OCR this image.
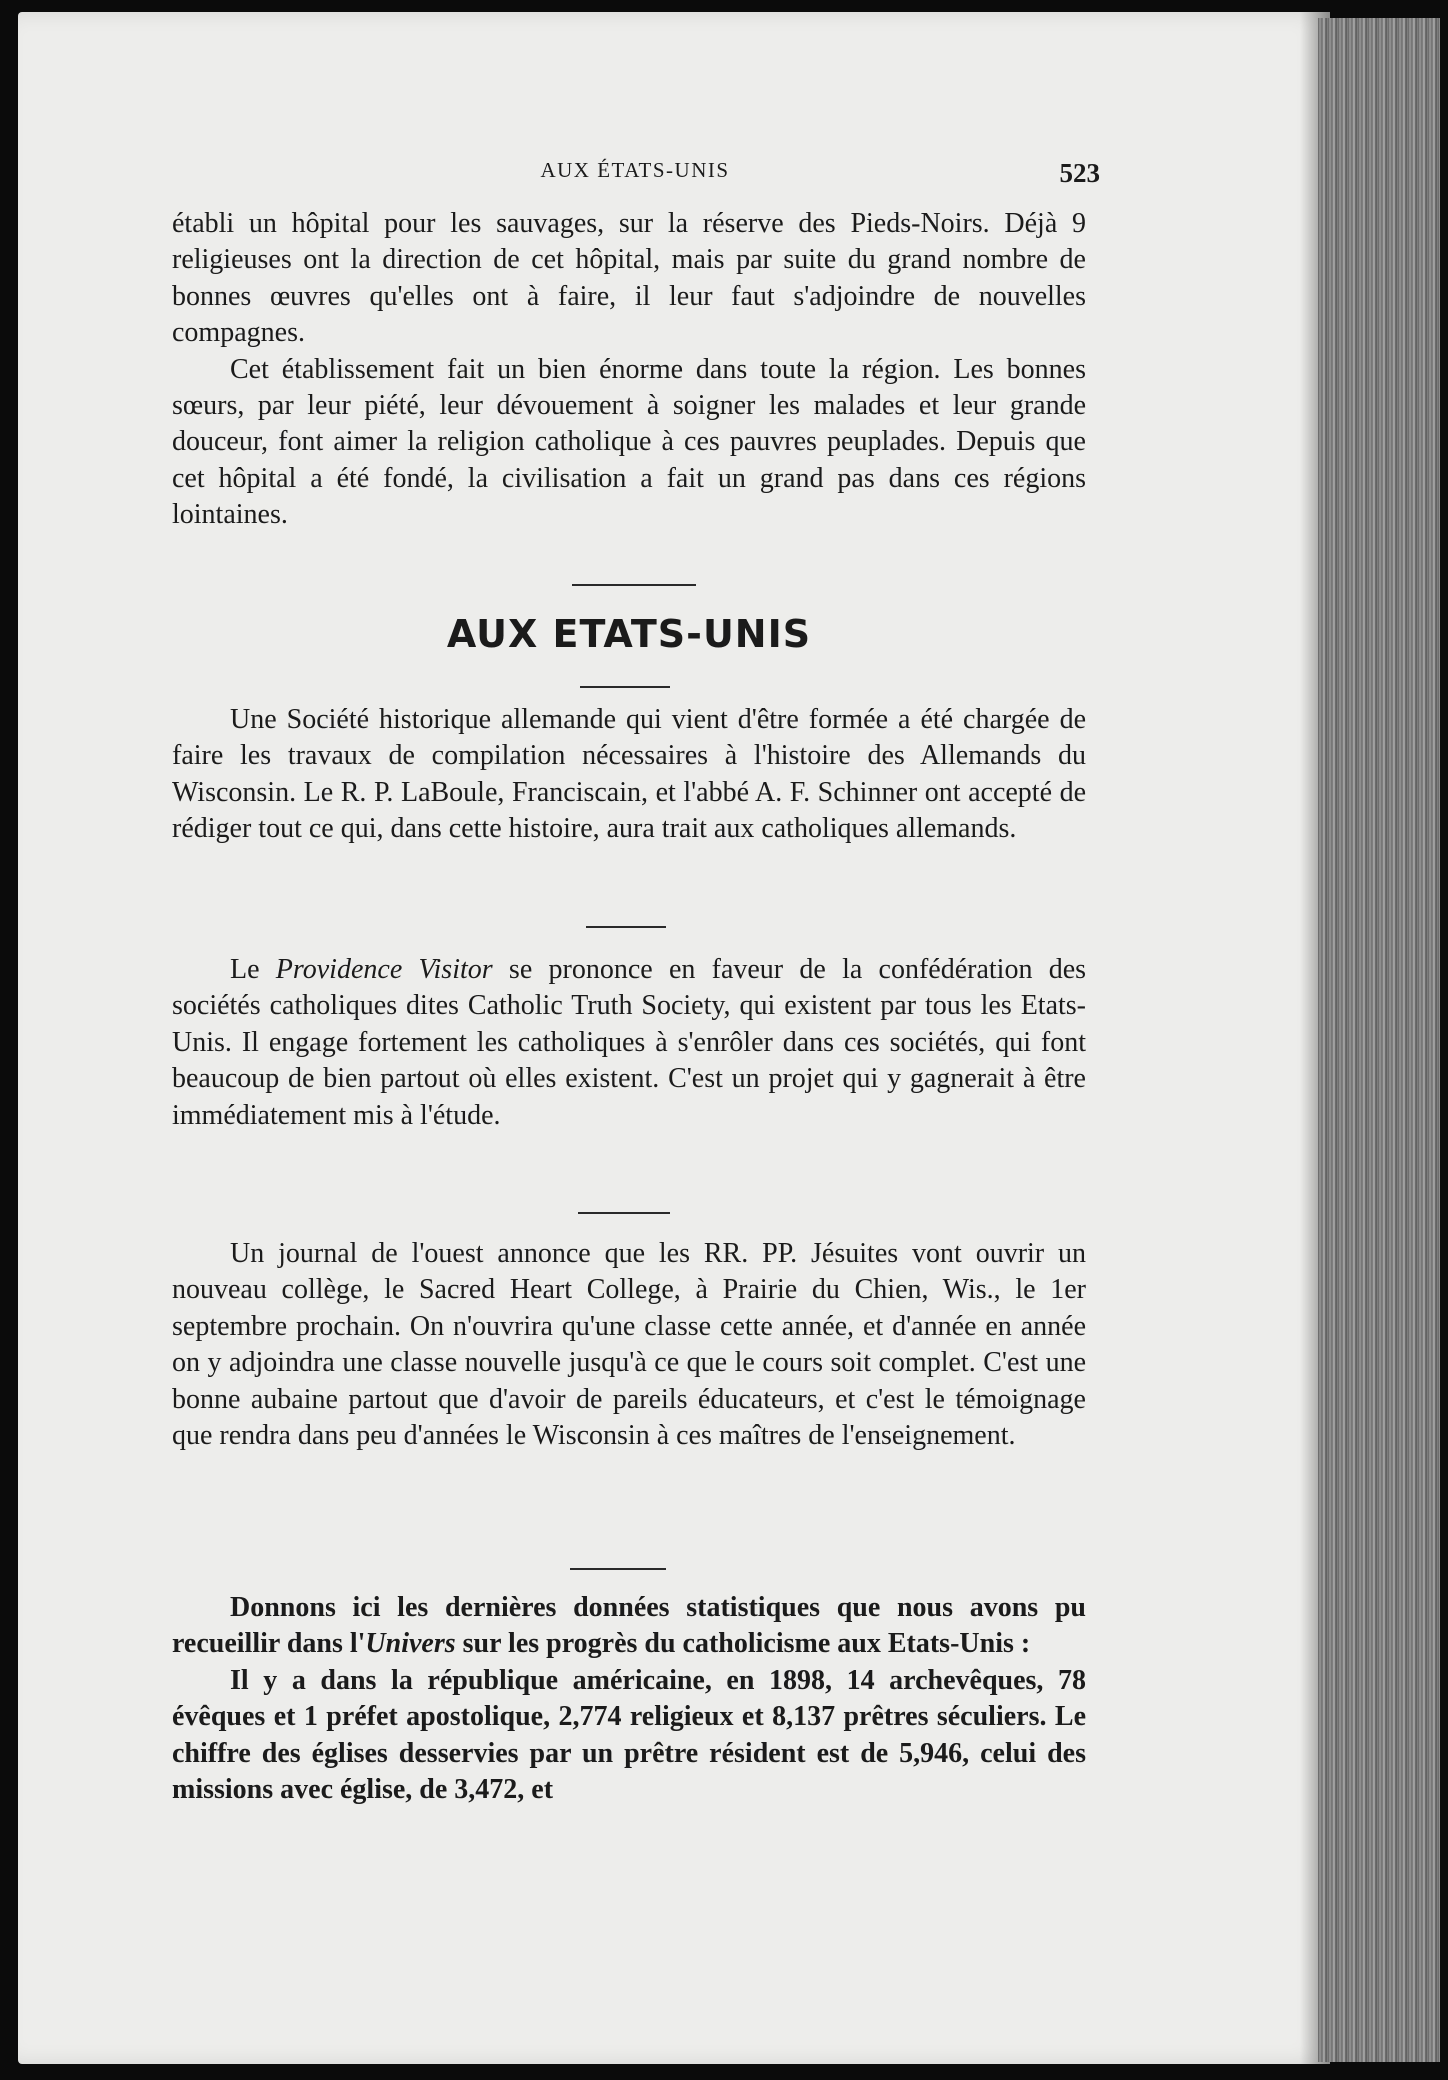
AUX ÉTATS-UNIS	523

établi un hôpital pour les sauvages, sur la réserve des Pieds-Noirs. Déjà 9 religieuses ont la direction de cet hôpital, mais par suite du grand nombre de bonnes œuvres qu'elles ont à faire, il leur faut s'adjoindre de nouvelles compagnes.

Cet établissement fait un bien énorme dans toute la région. Les bonnes sœurs, par leur piété, leur dévouement à soigner les malades et leur grande douceur, font aimer la religion catholique à ces pauvres peuplades. Depuis que cet hôpital a été fondé, la civilisation a fait un grand pas dans ces régions lointaines.

AUX ETATS-UNIS

Une Société historique allemande qui vient d'être formée a été chargée de faire les travaux de compilation nécessaires à l'histoire des Allemands du Wisconsin. Le R. P. LaBoule, Franciscain, et l'abbé A. F. Schinner ont accepté de rédiger tout ce qui, dans cette histoire, aura trait aux catholiques allemands.

Le Providence Visitor se prononce en faveur de la confédération des sociétés catholiques dites Catholic Truth Society, qui existent par tous les Etats-Unis. Il engage fortement les catholiques à s'enrôler dans ces sociétés, qui font beaucoup de bien partout où elles existent. C'est un projet qui y gagnerait à être immédiatement mis à l'étude.

Un journal de l'ouest annonce que les RR. PP. Jésuites vont ouvrir un nouveau collège, le Sacred Heart College, à Prairie du Chien, Wis., le 1er septembre prochain. On n'ouvrira qu'une classe cette année, et d'année en année on y adjoindra une classe nouvelle jusqu'à ce que le cours soit complet. C'est une bonne aubaine partout que d'avoir de pareils éducateurs, et c'est le témoignage que rendra dans peu d'années le Wisconsin à ces maîtres de l'enseignement.

Donnons ici les dernières données statistiques que nous avons pu recueillir dans l'Univers sur les progrès du catholicisme aux Etats-Unis :

Il y a dans la république américaine, en 1898, 14 archevêques, 78 évêques et 1 préfet apostolique, 2,774 religieux et 8,137 prêtres séculiers. Le chiffre des églises desservies par un prêtre résident est de 5,946, celui des missions avec église, de 3,472, et
